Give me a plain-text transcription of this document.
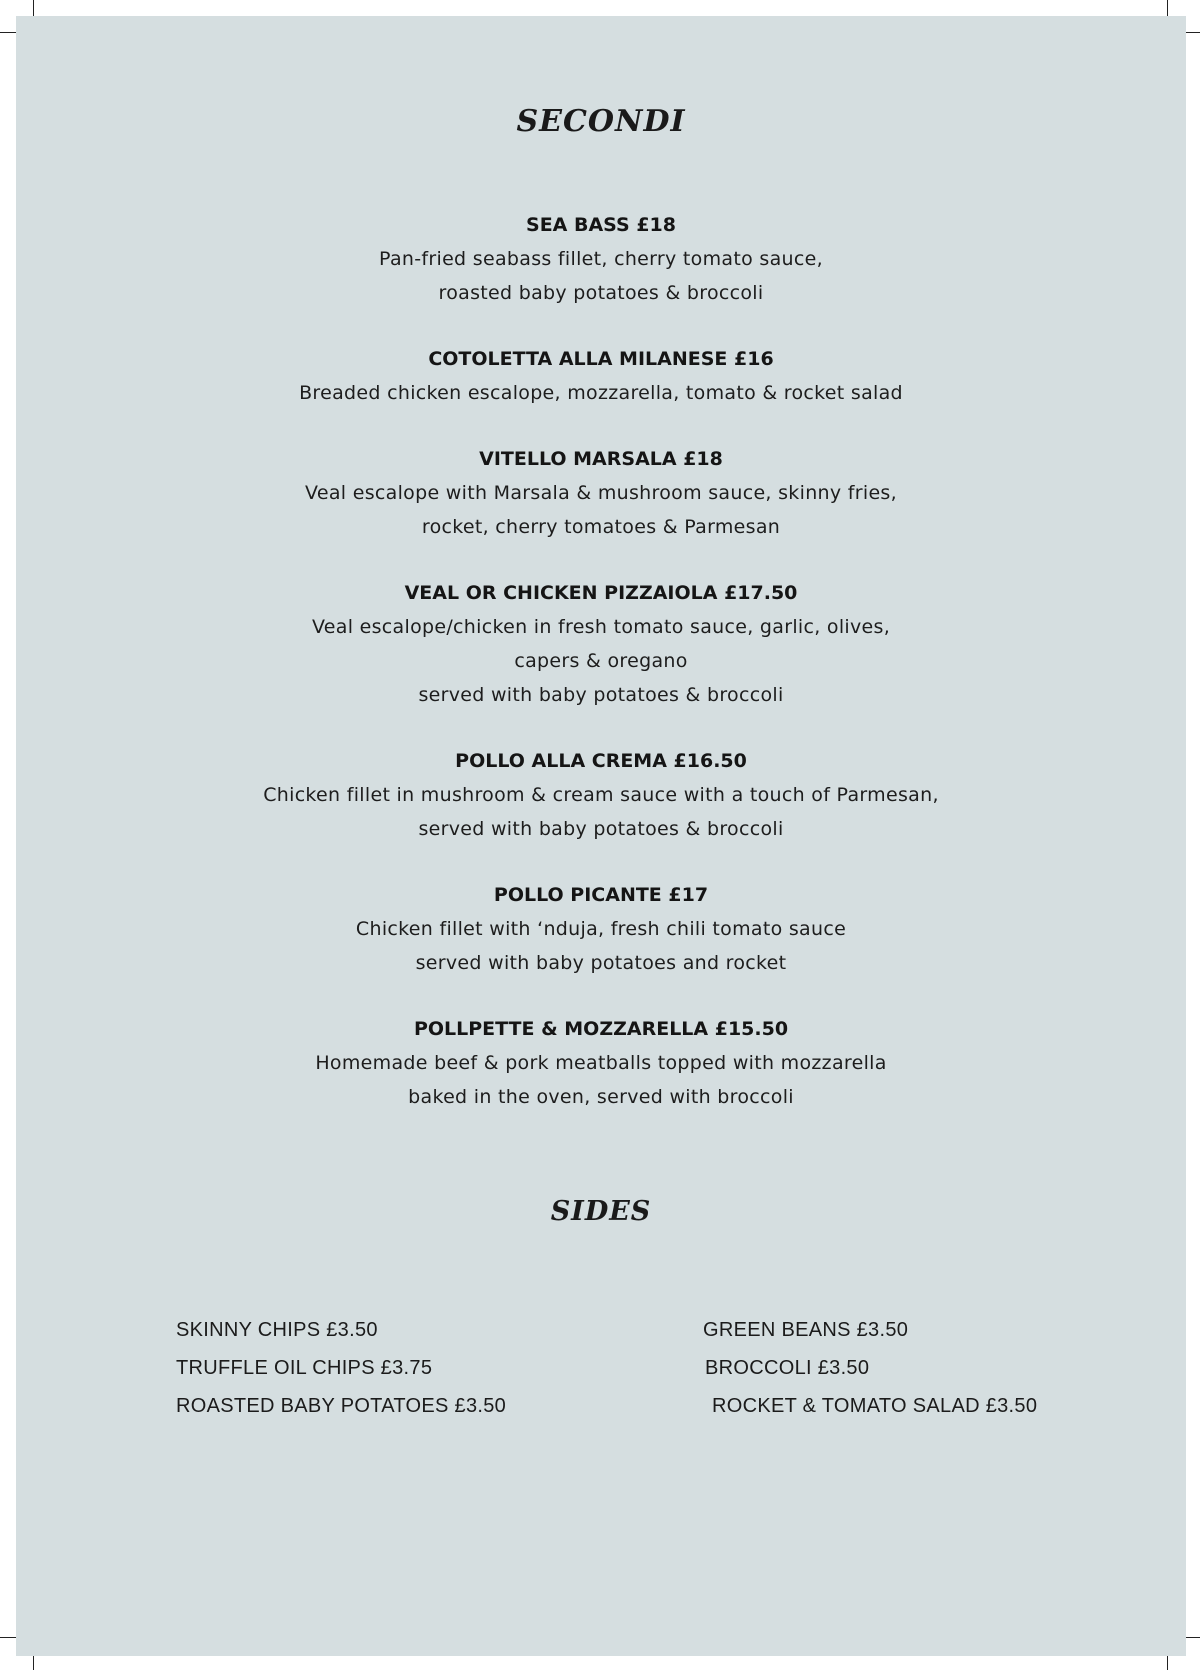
SECONDI

SEA BASS £18

Pan-fried seabass fillet, cherry tomato sauce,

roasted baby potatoes & broccoli

COTOLETTA ALLA MILANESE £16

Breaded chicken escalope, mozzarella, tomato & rocket salad

VITELLO MARSALA £18

Veal escalope with Marsala & mushroom sauce, skinny fries,

rocket, cherry tomatoes & Parmesan

VEAL OR CHICKEN PIZZAIOLA £17.50

Veal escalope/chicken in fresh tomato sauce, garlic, olives,

capers & oregano

served with baby potatoes & broccoli

POLLO ALLA CREMA £16.50

Chicken fillet in mushroom & cream sauce with a touch of Parmesan,

served with baby potatoes & broccoli

POLLO PICANTE £17

Chicken fillet with ‘nduja, fresh chili tomato sauce

served with baby potatoes and rocket

POLLPETTE & MOZZARELLA £15.50

Homemade beef & pork meatballs topped with mozzarella

baked in the oven, served with broccoli

SIDES
SKINNY CHIPS £3.50
TRUFFLE OIL CHIPS £3.75
ROASTED BABY POTATOES £3.50
GREEN BEANS £3.50
BROCCOLI £3.50
ROCKET & TOMATO SALAD £3.50
